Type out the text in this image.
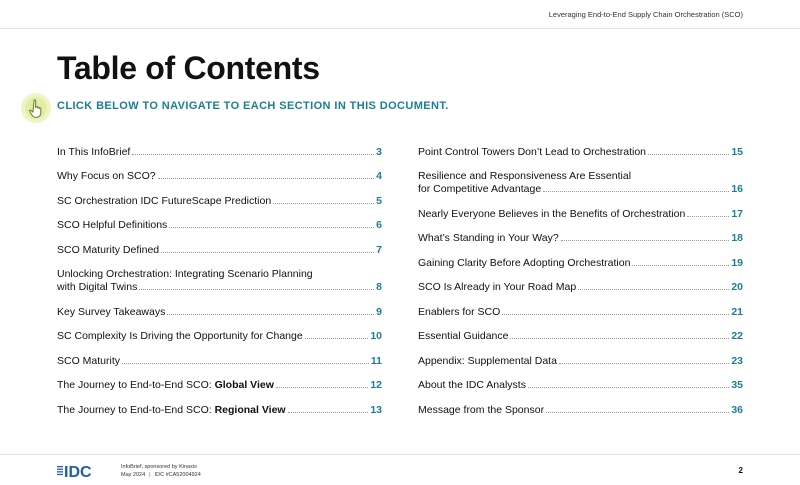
Leveraging End-to-End Supply Chain Orchestration (SCO)
Table of Contents
CLICK BELOW TO NAVIGATE TO EACH SECTION IN THIS DOCUMENT.
In This InfoBrief	3
Why Focus on SCO?	4
SC Orchestration IDC FutureScape Prediction	5
SCO Helpful Definitions	6
SCO Maturity Defined	7
Unlocking Orchestration: Integrating Scenario Planning
with Digital Twins	8
Key Survey Takeaways	9
SC Complexity Is Driving the Opportunity for Change	10
SCO Maturity	11
The Journey to End-to-End SCO: Global View	12
The Journey to End-to-End SCO: Regional View	13
Point Control Towers Don’t Lead to Orchestration	15
Resilience and Responsiveness Are Essential
for Competitive Advantage	16
Nearly Everyone Believes in the Benefits of Orchestration	17
What’s Standing in Your Way?	18
Gaining Clarity Before Adopting Orchestration	19
SCO Is Already in Your Road Map	20
Enablers for SCO	21
Essential Guidance	22
Appendix: Supplemental Data	23
About the IDC Analysts	35
Message from the Sponsor	36
IDC	InfoBrief, sponsored by Kinaxis
May 2024 | IDC #CA52004924	2
